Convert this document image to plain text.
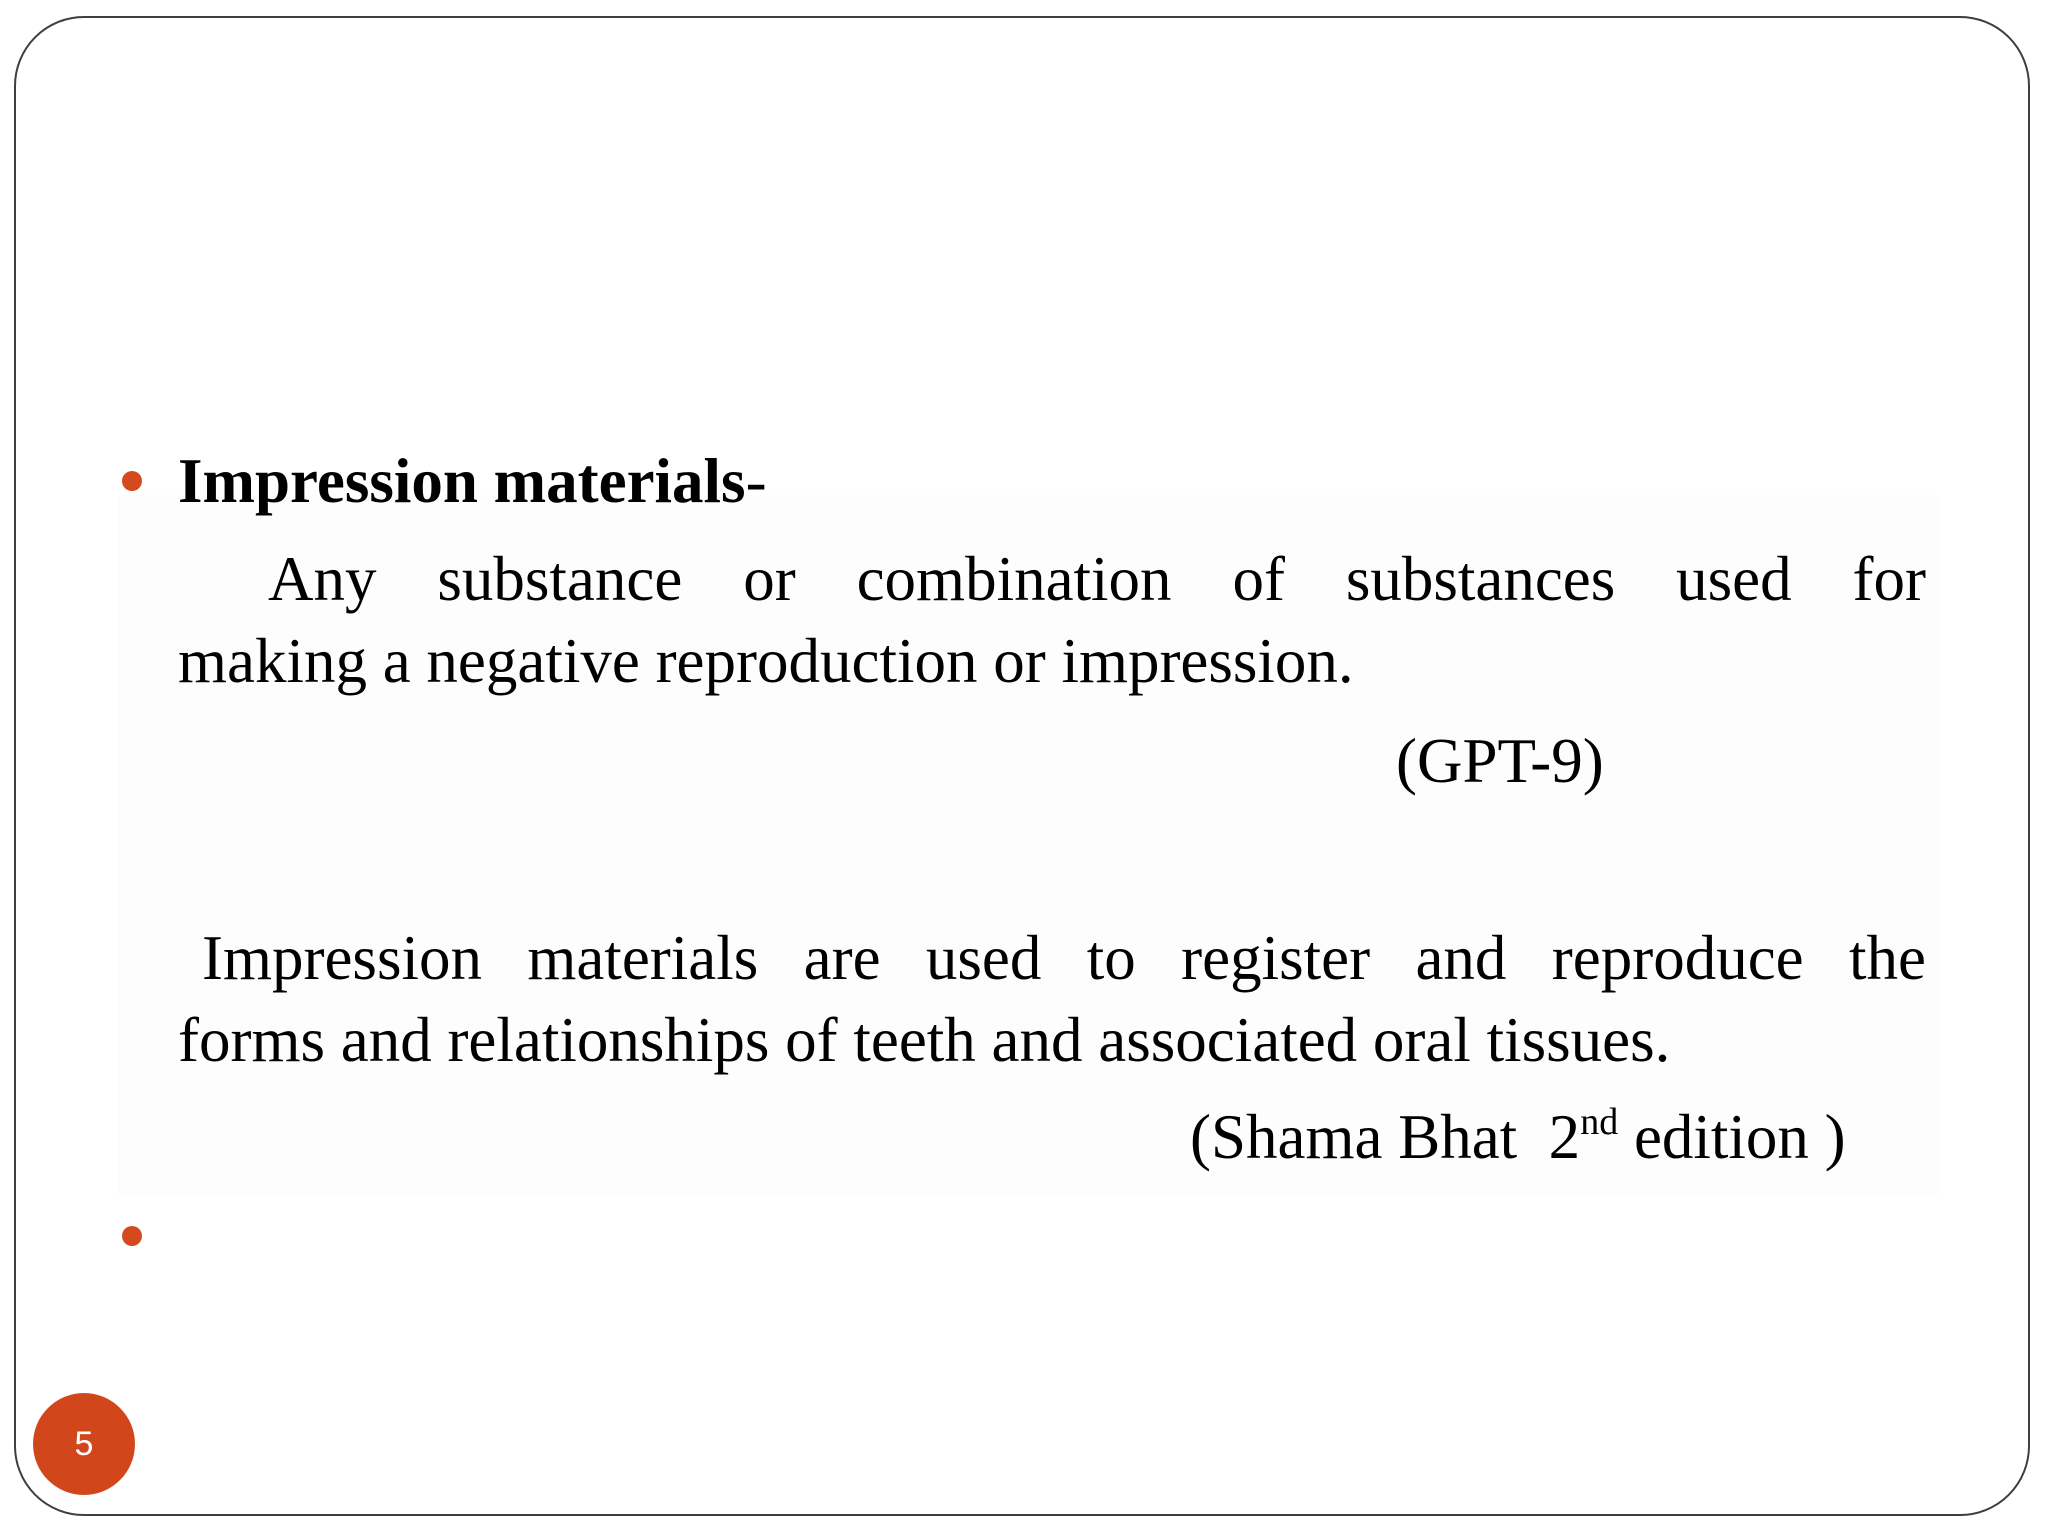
Impression materials-
Any substance or combination of substances used for
making a negative reproduction or impression.
(GPT-9)
Impression materials are used to register and reproduce the
forms and relationships of teeth and associated oral tissues.
(Shama Bhat  2nd edition )
5
